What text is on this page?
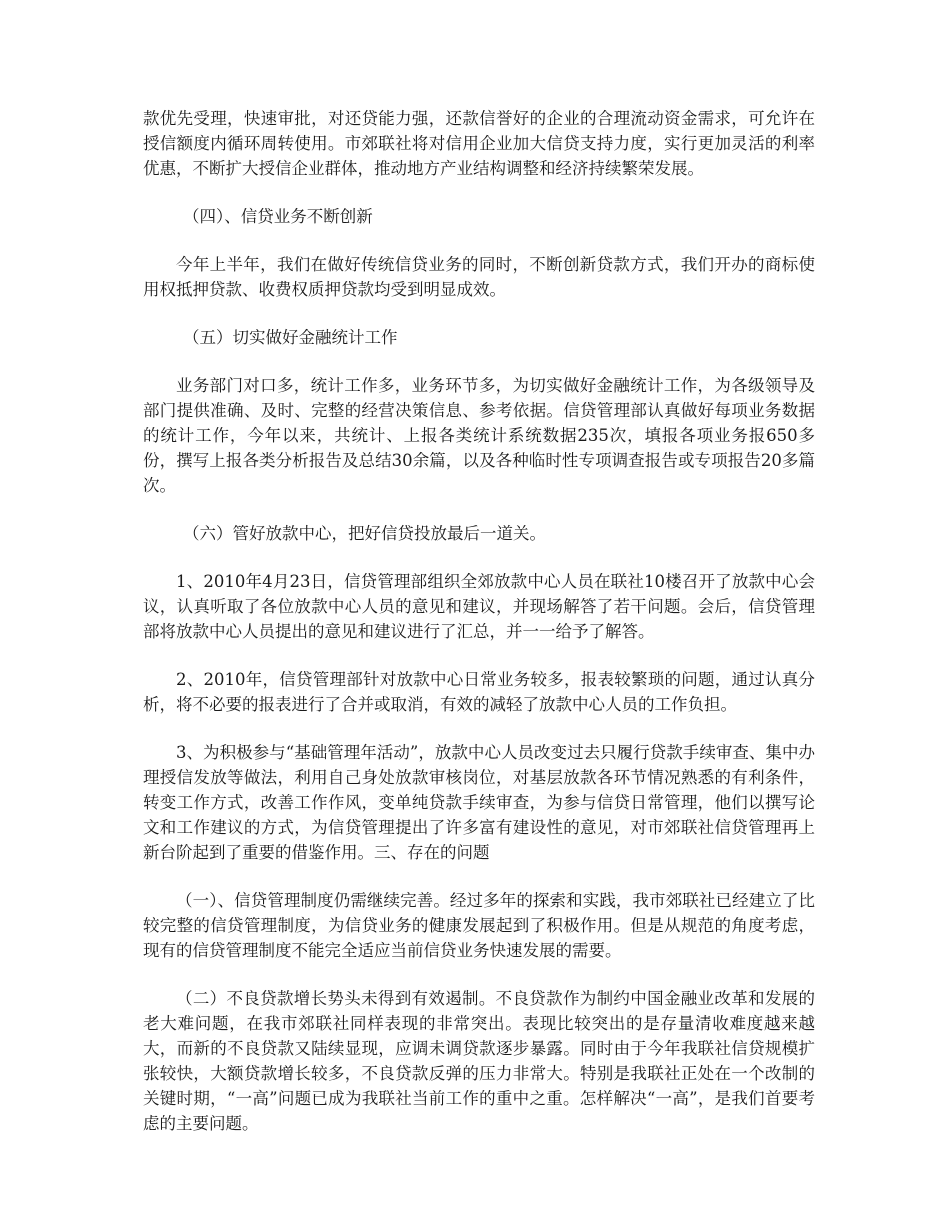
款优先受理，快速审批，对还贷能力强，还款信誉好的企业的合理流动资金需求，可允许在授信额度内循环周转使用。市郊联社将对信用企业加大信贷支持力度，实行更加灵活的利率优惠，不断扩大授信企业群体，推动地方产业结构调整和经济持续繁荣发展。

（四）、信贷业务不断创新

今年上半年，我们在做好传统信贷业务的同时，不断创新贷款方式，我们开办的商标使用权抵押贷款、收费权质押贷款均受到明显成效。

（五）切实做好金融统计工作

业务部门对口多，统计工作多，业务环节多，为切实做好金融统计工作，为各级领导及部门提供准确、及时、完整的经营决策信息、参考依据。信贷管理部认真做好每项业务数据的统计工作，今年以来，共统计、上报各类统计系统数据235次，填报各项业务报650多份，撰写上报各类分析报告及总结30余篇，以及各种临时性专项调查报告或专项报告20多篇次。

（六）管好放款中心，把好信贷投放最后一道关。

1、2010年4月23日，信贷管理部组织全郊放款中心人员在联社10楼召开了放款中心会议，认真听取了各位放款中心人员的意见和建议，并现场解答了若干问题。会后，信贷管理部将放款中心人员提出的意见和建议进行了汇总，并一一给予了解答。

2、2010年，信贷管理部针对放款中心日常业务较多，报表较繁琐的问题，通过认真分析，将不必要的报表进行了合并或取消，有效的减轻了放款中心人员的工作负担。

3、为积极参与“基础管理年活动”，放款中心人员改变过去只履行贷款手续审查、集中办理授信发放等做法，利用自己身处放款审核岗位，对基层放款各环节情况熟悉的有利条件，转变工作方式，改善工作作风，变单纯贷款手续审查，为参与信贷日常管理，他们以撰写论文和工作建议的方式，为信贷管理提出了许多富有建设性的意见，对市郊联社信贷管理再上新台阶起到了重要的借鉴作用。三、存在的问题

（一）、信贷管理制度仍需继续完善。经过多年的探索和实践，我市郊联社已经建立了比较完整的信贷管理制度，为信贷业务的健康发展起到了积极作用。但是从规范的角度考虑，现有的信贷管理制度不能完全适应当前信贷业务快速发展的需要。

（二）不良贷款增长势头未得到有效遏制。不良贷款作为制约中国金融业改革和发展的老大难问题，在我市郊联社同样表现的非常突出。表现比较突出的是存量清收难度越来越大，而新的不良贷款又陆续显现，应调未调贷款逐步暴露。同时由于今年我联社信贷规模扩张较快，大额贷款增长较多，不良贷款反弹的压力非常大。特别是我联社正处在一个改制的关键时期，“一高”问题已成为我联社当前工作的重中之重。怎样解决“一高”，是我们首要考虑的主要问题。
